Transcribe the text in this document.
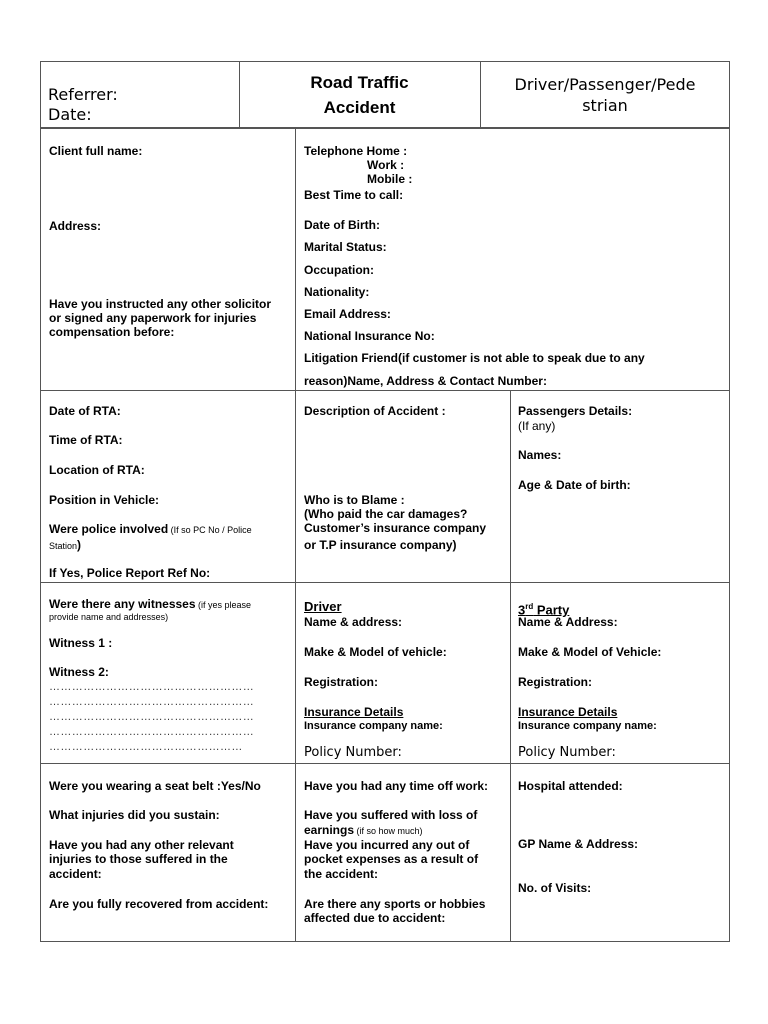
Referrer:
Date:
Road Traffic
Accident
Driver/Passenger/Pede
strian
Client full name:
Address:
Have you instructed any other solicitor
or signed any paperwork for injuries
compensation before:
Telephone Home :
Work :
Mobile :
Best Time to call:
Date of Birth:
Marital Status:
Occupation:
Nationality:
Email Address:
National Insurance No:
Litigation Friend(if customer is not able to speak due to any
reason)Name, Address & Contact Number:
Date of RTA:
Time of RTA:
Location of RTA:
Position in Vehicle:
Were police involved (If so PC No / Police
Station)
If Yes, Police Report Ref No:
Description of Accident :
Who is to Blame :
(Who paid the car damages?
Customer’s insurance company
or T.P insurance company)
Passengers Details:
(If any)
Names:
Age & Date of birth:
Were there any witnesses (if yes please
provide name and addresses)
Witness 1 :
Witness 2:
………………………………………………
………………………………………………
………………………………………………
………………………………………………
……………………………………………
Driver
Name & address:
Make & Model of vehicle:
Registration:
Insurance Details
Insurance company name:
Policy Number:
3rd Party
Name & Address:
Make & Model of Vehicle:
Registration:
Insurance Details
Insurance company name:
Policy Number:
Were you wearing a seat belt :Yes/No
What injuries did you sustain:
Have you had any other relevant
injuries to those suffered in the
accident:
Are you fully recovered from accident:
Have you had any time off work:
Have you suffered with loss of
earnings (if so how much)
Have you incurred any out of
pocket expenses as a result of
the accident:
Are there any sports or hobbies
affected due to accident:
Hospital attended:
GP Name & Address:
No. of Visits:
